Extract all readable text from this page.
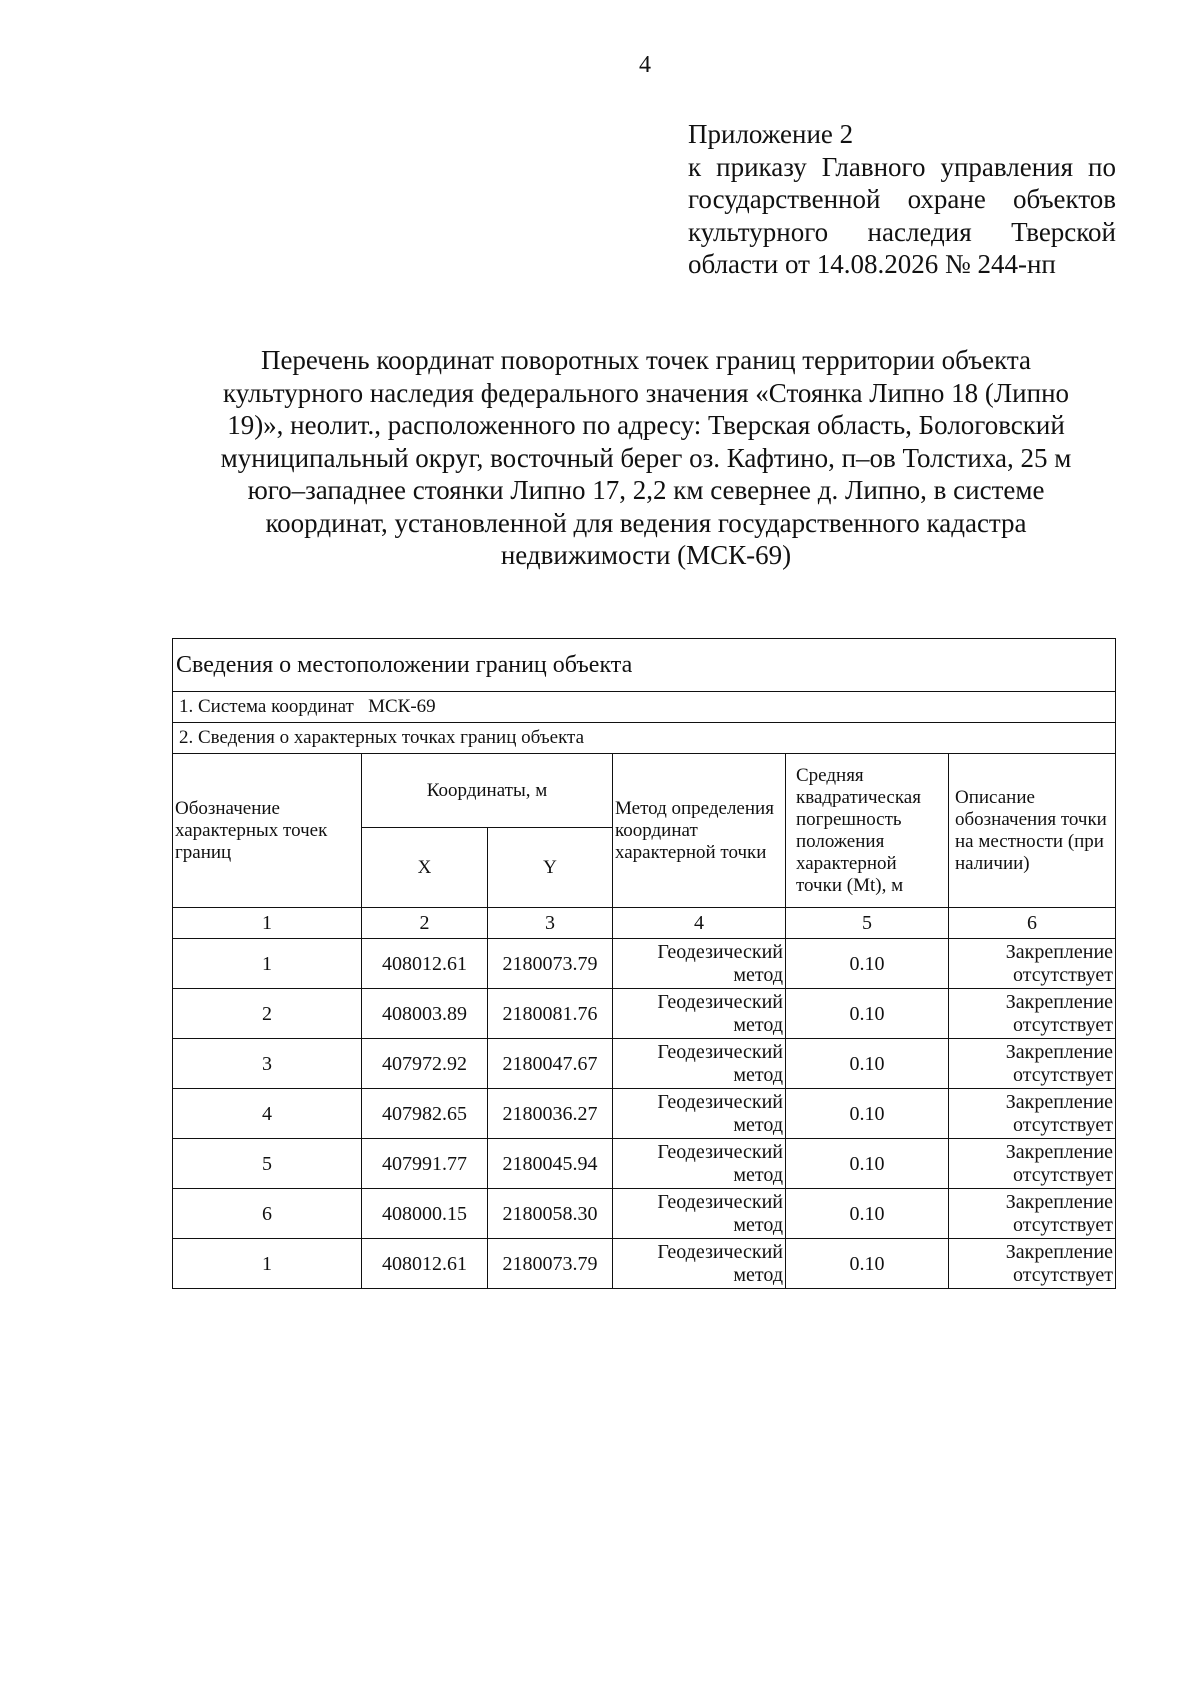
4
Приложение 2
к приказу Главного управления по
государственной охране объектов
культурного наследия Тверской
области от 14.08.2026 № 244-нп
Перечень координат поворотных точек границ территории объекта
культурного наследия федерального значения «Стоянка Липно 18 (Липно
19)», неолит., расположенного по адресу: Тверская область, Бологовский
муниципальный округ, восточный берег оз. Кафтино, п–ов Толстиха, 25 м
юго–западнее стоянки Липно 17, 2,2 км севернее д. Липно, в системе
координат, установленной для ведения государственного кадастра
недвижимости (МСК-69)
Сведения о местоположении границ объекта					
1. Система координат МСК-69					
2. Сведения о характерных точках границ объекта					
Обозначение характерных точек границ	Координаты, м		Метод определения координат характерной точки	Средняя квадратическая погрешность положения характерной точки (Mt), м	Описание обозначения точки на местности (при наличии)
	X	Y			
1	2	3	4	5	6
1	408012.61	2180073.79	Геодезический метод	0.10	Закрепление отсутствует
2	408003.89	2180081.76	Геодезический метод	0.10	Закрепление отсутствует
3	407972.92	2180047.67	Геодезический метод	0.10	Закрепление отсутствует
4	407982.65	2180036.27	Геодезический метод	0.10	Закрепление отсутствует
5	407991.77	2180045.94	Геодезический метод	0.10	Закрепление отсутствует
6	408000.15	2180058.30	Геодезический метод	0.10	Закрепление отсутствует
1	408012.61	2180073.79	Геодезический метод	0.10	Закрепление отсутствует
